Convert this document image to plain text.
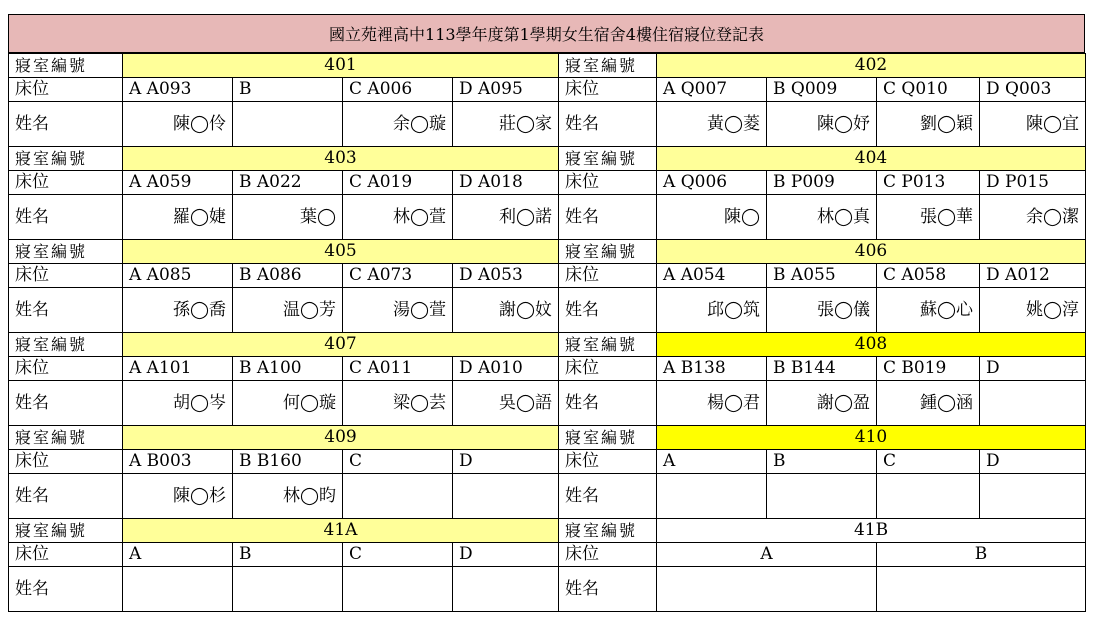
國立苑裡高中113學年度第1學期女生宿舍4樓住宿寢位登記表
寢室編號	401				寢室編號	402			
床位	A A093	B	C A006	D A095	床位	A Q007	B Q009	C Q010	D Q003
姓名	陳◯伶		余◯璇	莊◯家	姓名	黃◯菱	陳◯妤	劉◯穎	陳◯宜
寢室編號	403				寢室編號	404			
床位	A A059	B A022	C A019	D A018	床位	A Q006	B P009	C P013	D P015
姓名	羅◯婕	葉◯	林◯萱	利◯諾	姓名	陳◯	林◯真	張◯華	余◯潔
寢室編號	405				寢室編號	406			
床位	A A085	B A086	C A073	D A053	床位	A A054	B A055	C A058	D A012
姓名	孫◯喬	温◯芳	湯◯萱	謝◯妏	姓名	邱◯筑	張◯儀	蘇◯心	姚◯淳
寢室編號	407				寢室編號	408			
床位	A A101	B A100	C A011	D A010	床位	A B138	B B144	C B019	D
姓名	胡◯岑	何◯璇	梁◯芸	吳◯語	姓名	楊◯君	謝◯盈	鍾◯涵	
寢室編號	409				寢室編號	410			
床位	A B003	B B160	C	D	床位	A	B	C	D
姓名	陳◯杉	林◯昀			姓名				
寢室編號	41A				寢室編號	41B			
床位	A	B	C	D	床位	A		B	
姓名					姓名				
